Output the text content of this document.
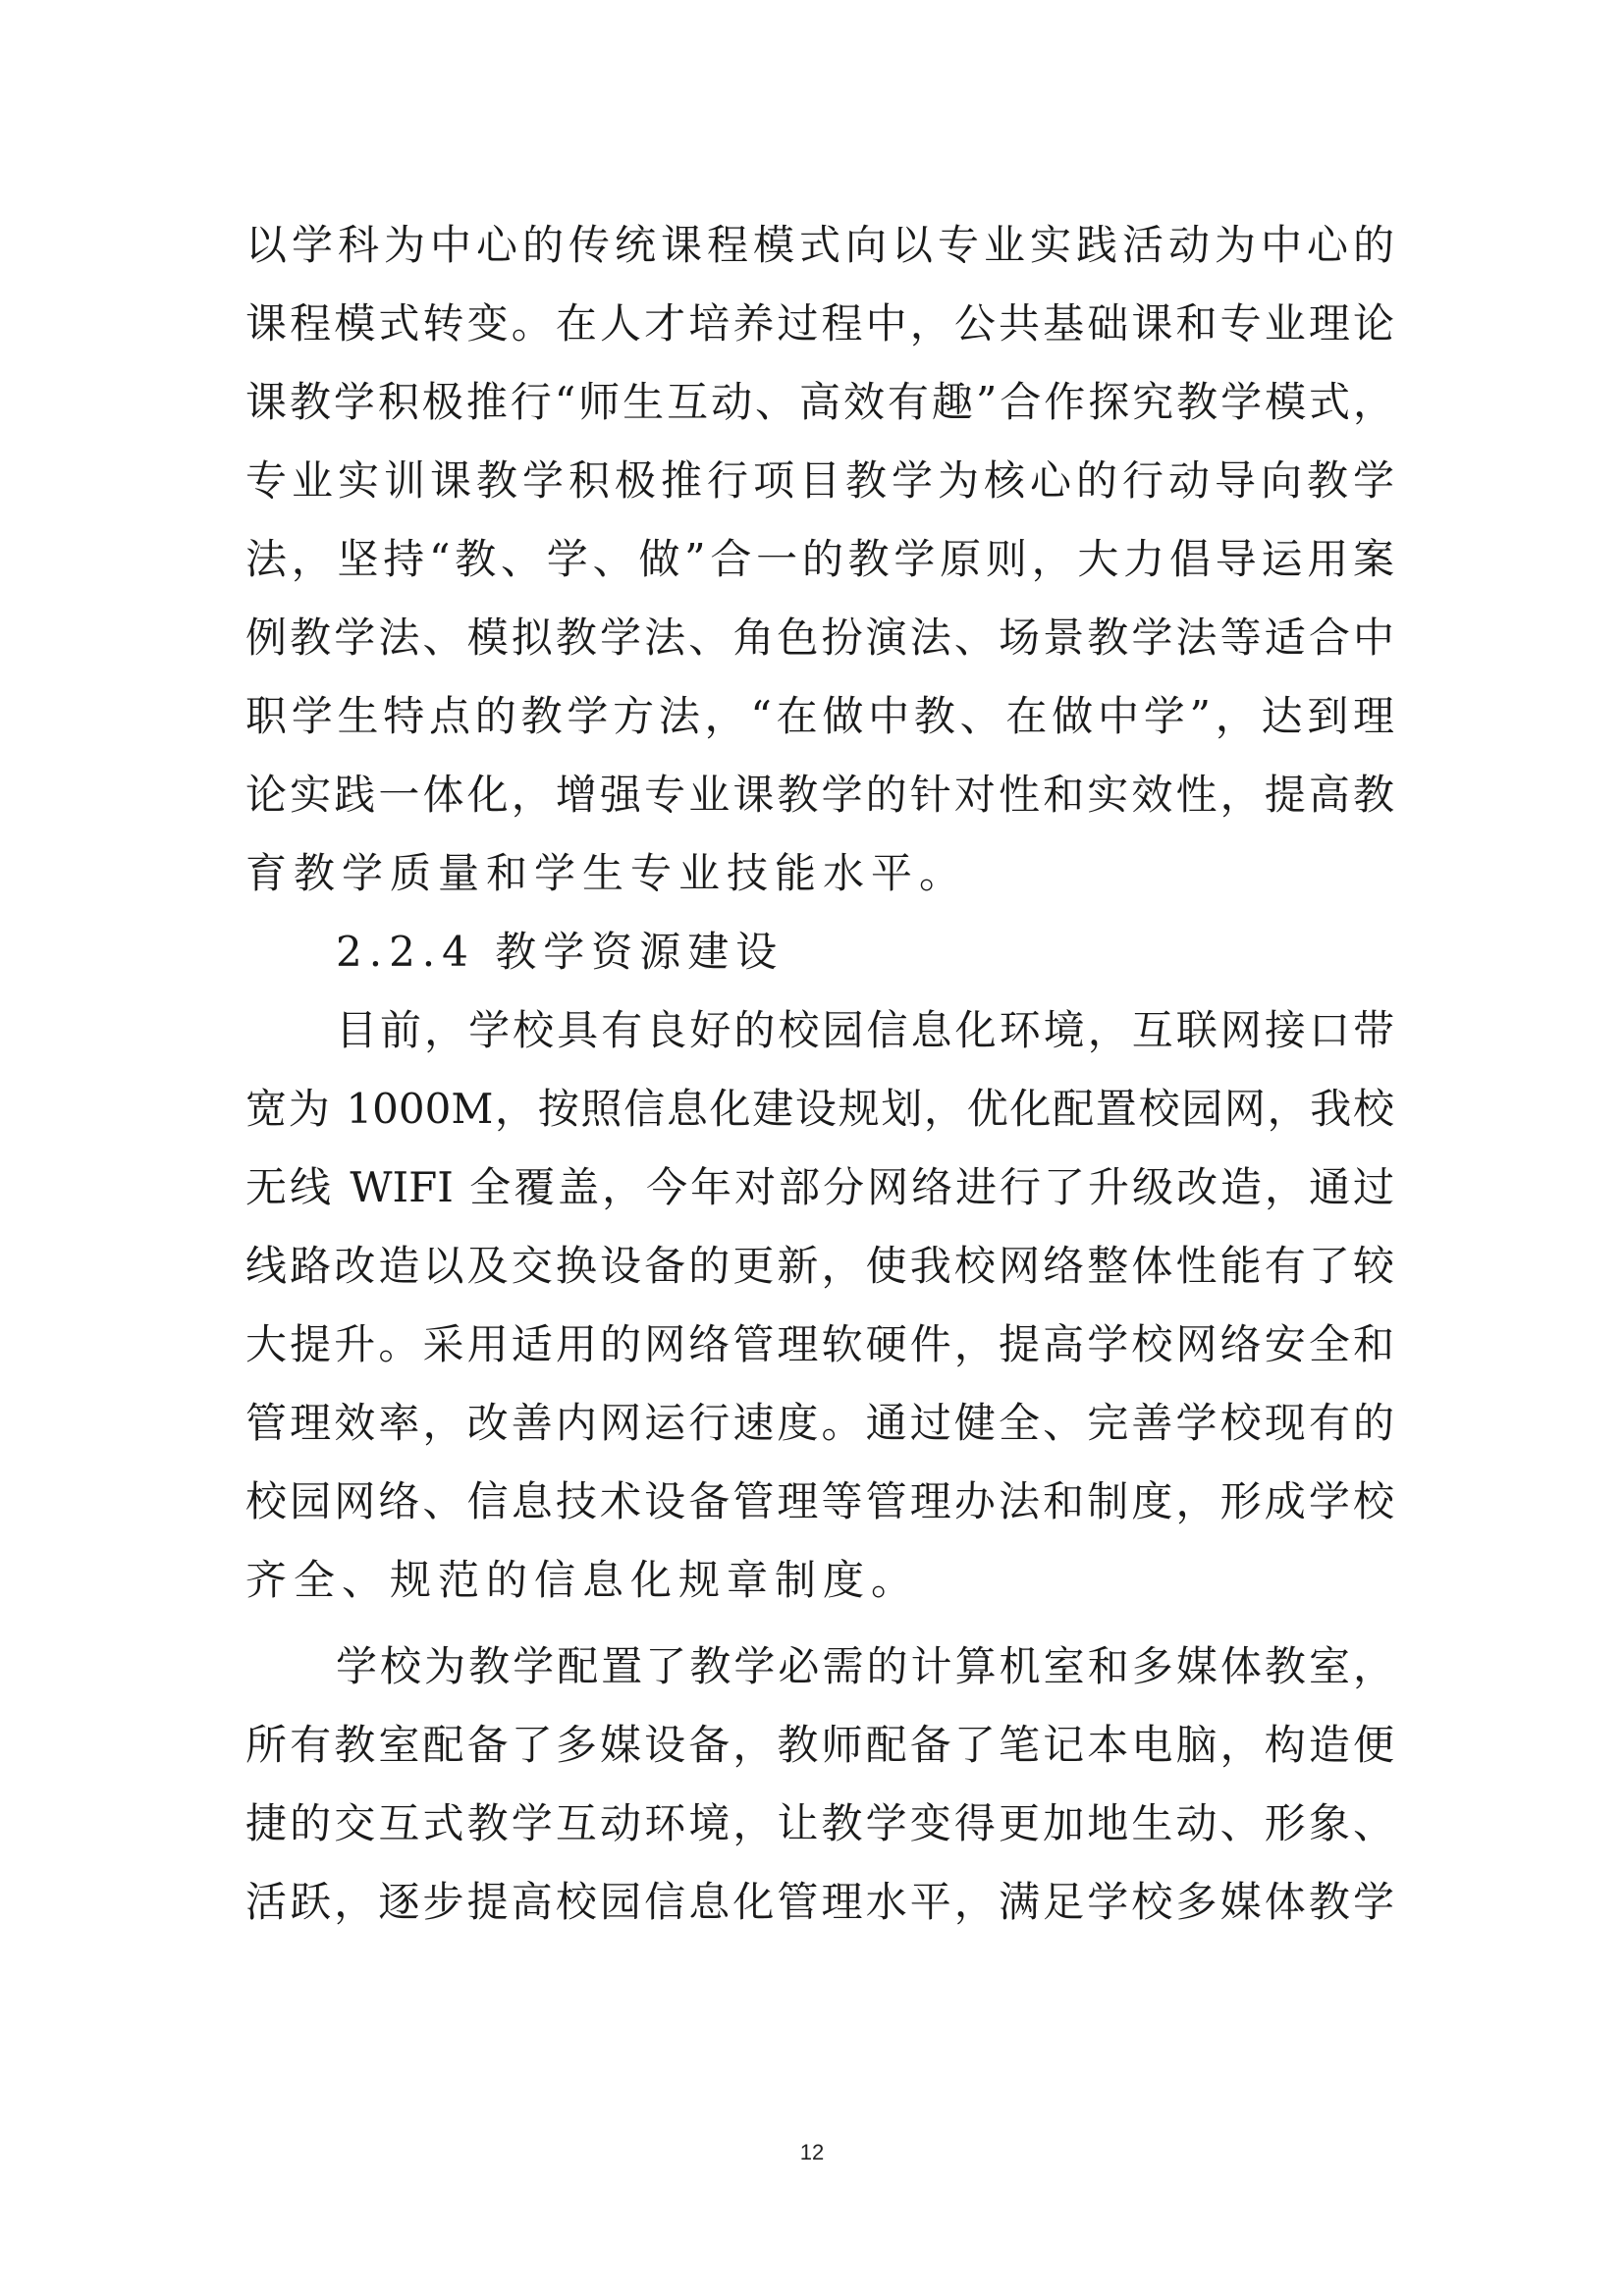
以学科为中心的传统课程模式向以专业实践活动为中心的
课程模式转变。在人才培养过程中，公共基础课和专业理论
课教学积极推行“师生互动、高效有趣”合作探究教学模式，
专业实训课教学积极推行项目教学为核心的行动导向教学
法，坚持“教、学、做”合一的教学原则，大力倡导运用案
例教学法、模拟教学法、角色扮演法、场景教学法等适合中
职学生特点的教学方法，“在做中教、在做中学”，达到理
论实践一体化，增强专业课教学的针对性和实效性，提高教
育教学质量和学生专业技能水平。
2.2.4 教学资源建设
目前，学校具有良好的校园信息化环境，互联网接口带
宽为 1000M，按照信息化建设规划，优化配置校园网，我校
无线 WIFI 全覆盖，今年对部分网络进行了升级改造，通过
线路改造以及交换设备的更新，使我校网络整体性能有了较
大提升。采用适用的网络管理软硬件，提高学校网络安全和
管理效率，改善内网运行速度。通过健全、完善学校现有的
校园网络、信息技术设备管理等管理办法和制度，形成学校
齐全、规范的信息化规章制度。
学校为教学配置了教学必需的计算机室和多媒体教室，
所有教室配备了多媒设备，教师配备了笔记本电脑，构造便
捷的交互式教学互动环境，让教学变得更加地生动、形象、
活跃，逐步提高校园信息化管理水平，满足学校多媒体教学
12
